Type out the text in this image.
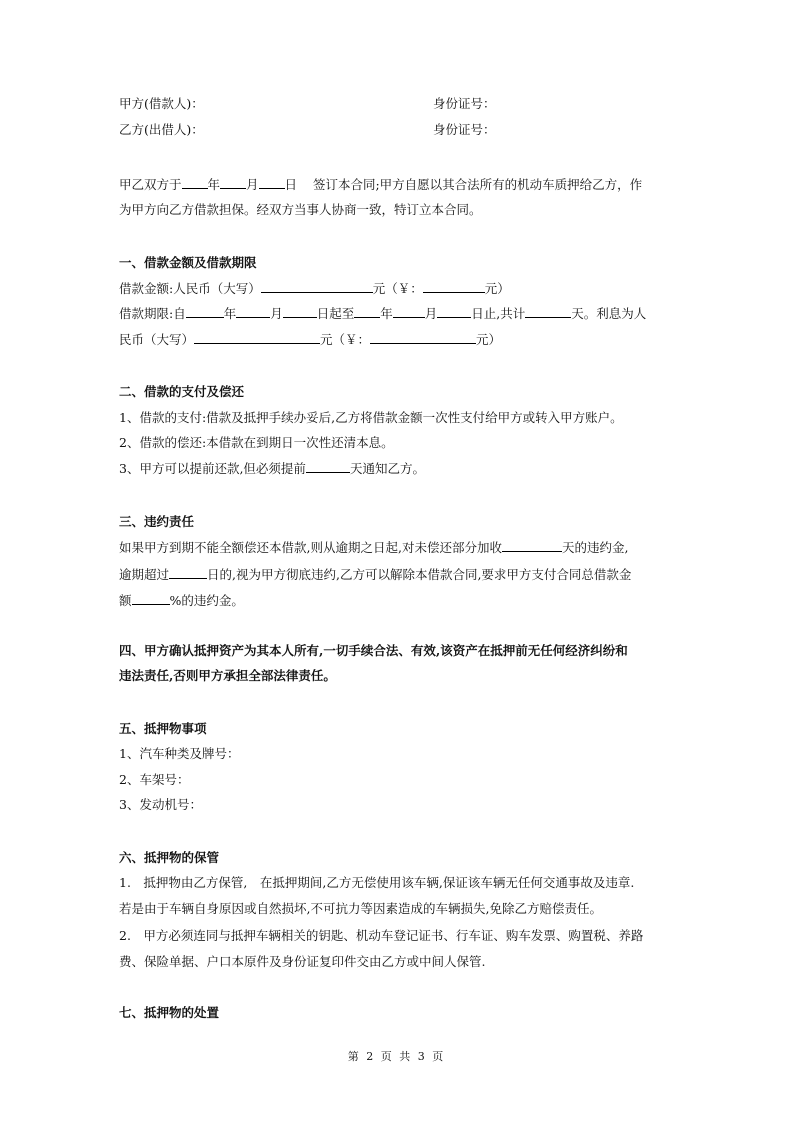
甲方(借款人)：	身份证号：
乙方(出借人)：	身份证号：
甲乙双方于 年 月 日 签订本合同;甲方自愿以其合法所有的机动车质押给乙方，作
为甲方向乙方借款担保。经双方当事人协商一致，特订立本合同。
一、借款金额及借款期限
借款金额:人民币（大写）	元（￥：	元）
借款期限:自	年	月	日起至 年	月	日止,共计	天。利息为人
民币（大写）	元（￥：	元）
二、借款的支付及偿还
1、借款的支付:借款及抵押手续办妥后,乙方将借款金额一次性支付给甲方或转入甲方账户。
2、借款的偿还:本借款在到期日一次性还清本息。
3、甲方可以提前还款,但必须提前	天通知乙方。
三、违约责任
如果甲方到期不能全额偿还本借款,则从逾期之日起,对未偿还部分加收	天的违约金,
逾期超过	日的,视为甲方彻底违约,乙方可以解除本借款合同,要求甲方支付合同总借款金
额	%的违约金。
四、甲方确认抵押资产为其本人所有,一切手续合法、有效,该资产在抵押前无任何经济纠纷和
违法责任,否则甲方承担全部法律责任。
五、抵押物事项
1、汽车种类及牌号：
2、车架号：
3、发动机号：
六、抵押物的保管
1.　抵押物由乙方保管,　在抵押期间,乙方无偿使用该车辆,保证该车辆无任何交通事故及违章.
若是由于车辆自身原因或自然损坏,不可抗力等因素造成的车辆损失,免除乙方赔偿责任。
2.　甲方必须连同与抵押车辆相关的钥匙、机动车登记证书、行车证、购车发票、购置税、养路
费、保险单据、户口本原件及身份证复印件交由乙方或中间人保管.
七、抵押物的处置
第 2 页 共 3 页
